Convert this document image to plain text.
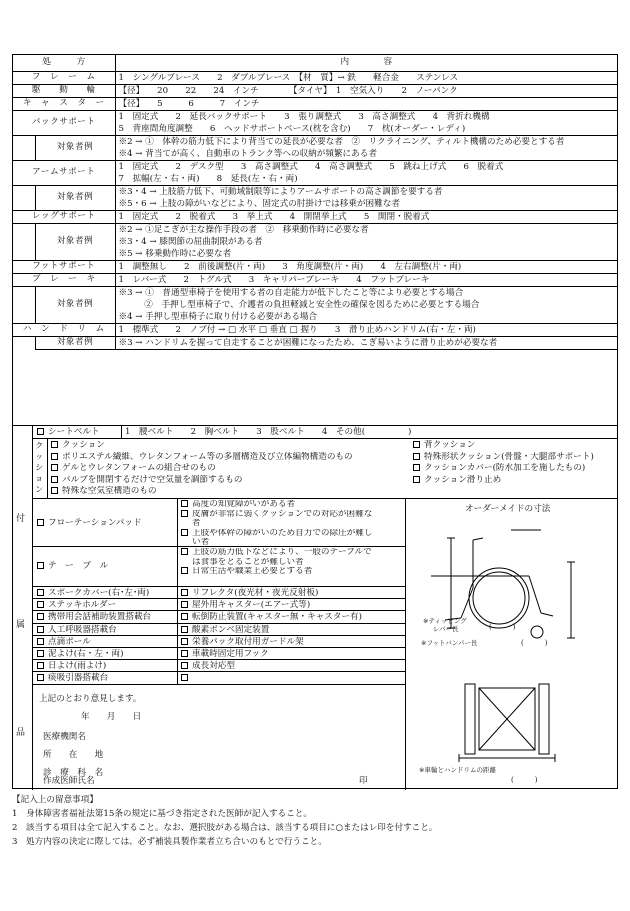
処　　　方		内　　　　容
フ　レ　ー　ム		1　シングルブレース　　2　ダブルブレース　【材　質】→ 鉄　　軽合金　　ステンレス

駆　　動　　輪		【径】　　20　　22　　24　インチ　　　　【タイヤ】　1　空気入り　　2　ノーパンク

キ　ャ　ス　タ　ー		【径】　　5　　　6　　　7　インチ

バックサポート		1　固定式　　2　延長バックサポート　　3　張り調整式　　3　高さ調整式　　4　背折れ機構
5　背座間角度調整　　6　ヘッドサポートベース(枕を含む)　　7　枕(オーダー・レディ)

	対象者例	※2 → ①　体幹の筋力低下により背当ての延長が必要な者　②　リクライニング、ティルト機構のため必要とする者
※4 → 背当てが高く、自動車のトランク等への収納が頻繁にある者

アームサポート		1　固定式　　2　デスク型　　3　高さ調整式　　4　高さ調整式　　5　跳ね上げ式　　6　脱着式
7　拡幅(左・右・両)　　8　延長(左・右・両)

	対象者例	※3・4 → 上肢筋力低下、可動域制限等によりアームサポートの高さ調節を要する者
※5・6 → 上肢の障がいなどにより、固定式の肘掛けでは移乗が困難な者

レッグサポート		1　固定式　　2　脱着式　　3　挙上式　　4　開閉挙上式　　5　開閉・脱着式

	対象者例	※2 → ①足こぎが主な操作手段の者　②　移乗動作時に必要な者
※3・4 → 膝関節の屈曲制限がある者
※5 → 移乗動作時に必要な者

フットサポート		1　調整無し　　2　前後調整(片・両)　　3　角度調整(片・両)　　4　左右調整(片・両)

ブ　レ　ー　キ		1　レバー式　　2　トグル式　　3　キャリパーブレーキ　　4　フットブレーキ

	対象者例	※3 → ①　普通型車椅子を使用する者の自走能力が低下したこと等により必要とする場合
　　　②　手押し型車椅子で、介護者の負担軽減と安全性の確保を図るために必要とする場合
※4 → 手押し型車椅子に取り付ける必要がある場合

ハ　ン　ド　リ　ム		1　標準式　　2　ノブ付 → □ 水平 □ 垂直 □ 握り　　3　滑り止めハンドリム(右・左・両)

	対象者例	※3 → ハンドリムを握って自走することが困難になったため、こぎ易いように滑り止めが必要な者
付
属
品
シートベルト	1　腰ベルト　　2　胸ベルト　　3　股ベルト　　4　その他(　　　　　)
クッション
クッション
ポリエステル繊維、ウレタンフォーム等の多層構造及び立体編物構造のもの
ゲルとウレタンフォームの組合せのもの
バルブを開閉するだけで空気量を調節するもの
特殊な空気室構造のもの
背クッション
特殊形状クッション(骨盤・大腿部サポート)
クッションカバー(防水加工を施したもの)
クッション滑り止め
フローテーションパッド
高度の知覚障がいがある者
皮膚が非常に弱くクッションでの対応が困難な
者
上肢や体幹の障がいのため自力での除圧が難し
い者
テ　ー　ブ　ル
上肢の筋力低下などにより、一般のテーブルで
は食事をとることが難しい者
日常生活や職業上必要とする者
スポークカバー(右･左･両)	リフレクタ(夜光材・夜光反射板)
ステッキホルダー	屋外用キャスター(エアー式等)
携帯用会話補助装置搭載台	転倒防止装置(キャスター無・キャスター有)
人工呼吸器搭載台	酸素ボンベ固定装置
点滴ポール	栄養パック取付用ガードル架
泥よけ(右・左・両)	車載時固定用フック
日よけ(雨よけ)	成長対応型
痰吸引器搭載台
上記のとおり意見します。
年　　月　　日
医療機関名
所　　在　　地
診　療　科　名
作成医師氏名	印
オーダーメイドの寸法
※ティッピング
レバー長	(　　　)
※フットバンパー長	(　　　)
※車輪とハンドリムの距離
(　　　)
【記入上の留意事項】
1　身体障害者福祉法第15条の規定に基づき指定された医師が記入すること。
2　該当する項目は全て記入すること。なお、選択肢がある場合は、該当する項目に○またはレ印を付すこと。
3　処方内容の決定に際しては、必ず補装具製作業者立ち合いのもとで行うこと。
